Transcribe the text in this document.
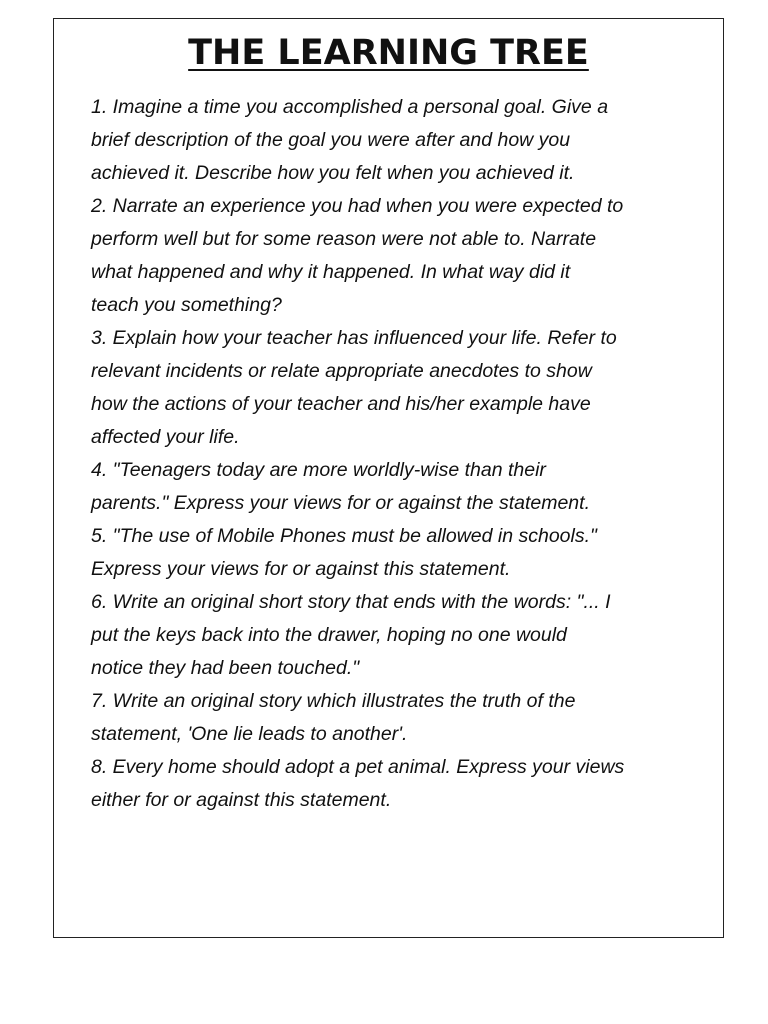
THE LEARNING TREE
1. Imagine a time you accomplished a personal goal. Give a
brief description of the goal you were after and how you
achieved it. Describe how you felt when you achieved it.
2. Narrate an experience you had when you were expected to
perform well but for some reason were not able to. Narrate
what happened and why it happened. In what way did it
teach you something?
3. Explain how your teacher has influenced your life. Refer to
relevant incidents or relate appropriate anecdotes to show
how the actions of your teacher and his/her example have
affected your life.
4. "Teenagers today are more worldly-wise than their
parents." Express your views for or against the statement.
5. "The use of Mobile Phones must be allowed in schools."
Express your views for or against this statement.
6. Write an original short story that ends with the words: "... I
put the keys back into the drawer, hoping no one would
notice they had been touched."
7. Write an original story which illustrates the truth of the
statement, 'One lie leads to another'.
8. Every home should adopt a pet animal. Express your views
either for or against this statement.
